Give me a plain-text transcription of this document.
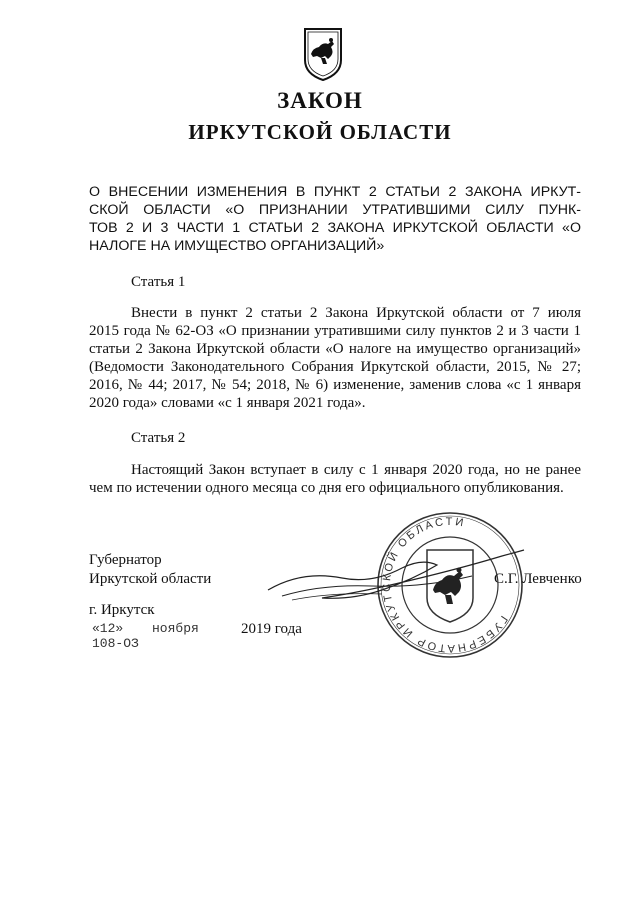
ЗАКОН
ИРКУТСКОЙ ОБЛАСТИ
О ВНЕСЕНИИ ИЗМЕНЕНИЯ В ПУНКТ 2 СТАТЬИ 2 ЗАКОНА ИРКУТ-
СКОЙ ОБЛАСТИ «О ПРИЗНАНИИ УТРАТИВШИМИ СИЛУ ПУНК-
ТОВ 2 И 3 ЧАСТИ 1 СТАТЬИ 2 ЗАКОНА ИРКУТСКОЙ ОБЛАСТИ «О
НАЛОГЕ НА ИМУЩЕСТВО ОРГАНИЗАЦИЙ»
Статья 1
Внести в пункт 2 статьи 2 Закона Иркутской области от 7 июля
2015 года № 62-ОЗ «О признании утратившими силу пунктов 2 и 3 части 1
статьи 2 Закона Иркутской области «О налоге на имущество организаций»
(Ведомости Законодательного Собрания Иркутской области, 2015, № 27;
2016, № 44; 2017, № 54; 2018, № 6) изменение, заменив слова «с 1 января
2020 года» словами «с 1 января 2021 года».
Статья 2
Настоящий Закон вступает в силу с 1 января 2020 года, но не ранее
чем по истечении одного месяца со дня его официального опубликования.
Губернатор
Иркутской области	С.Г. Левченко
ГУБЕРНАТОР ИРКУТСКОЙ ОБЛАСТИ
г. Иркутск
«12» ноября	2019 года
108-ОЗ
